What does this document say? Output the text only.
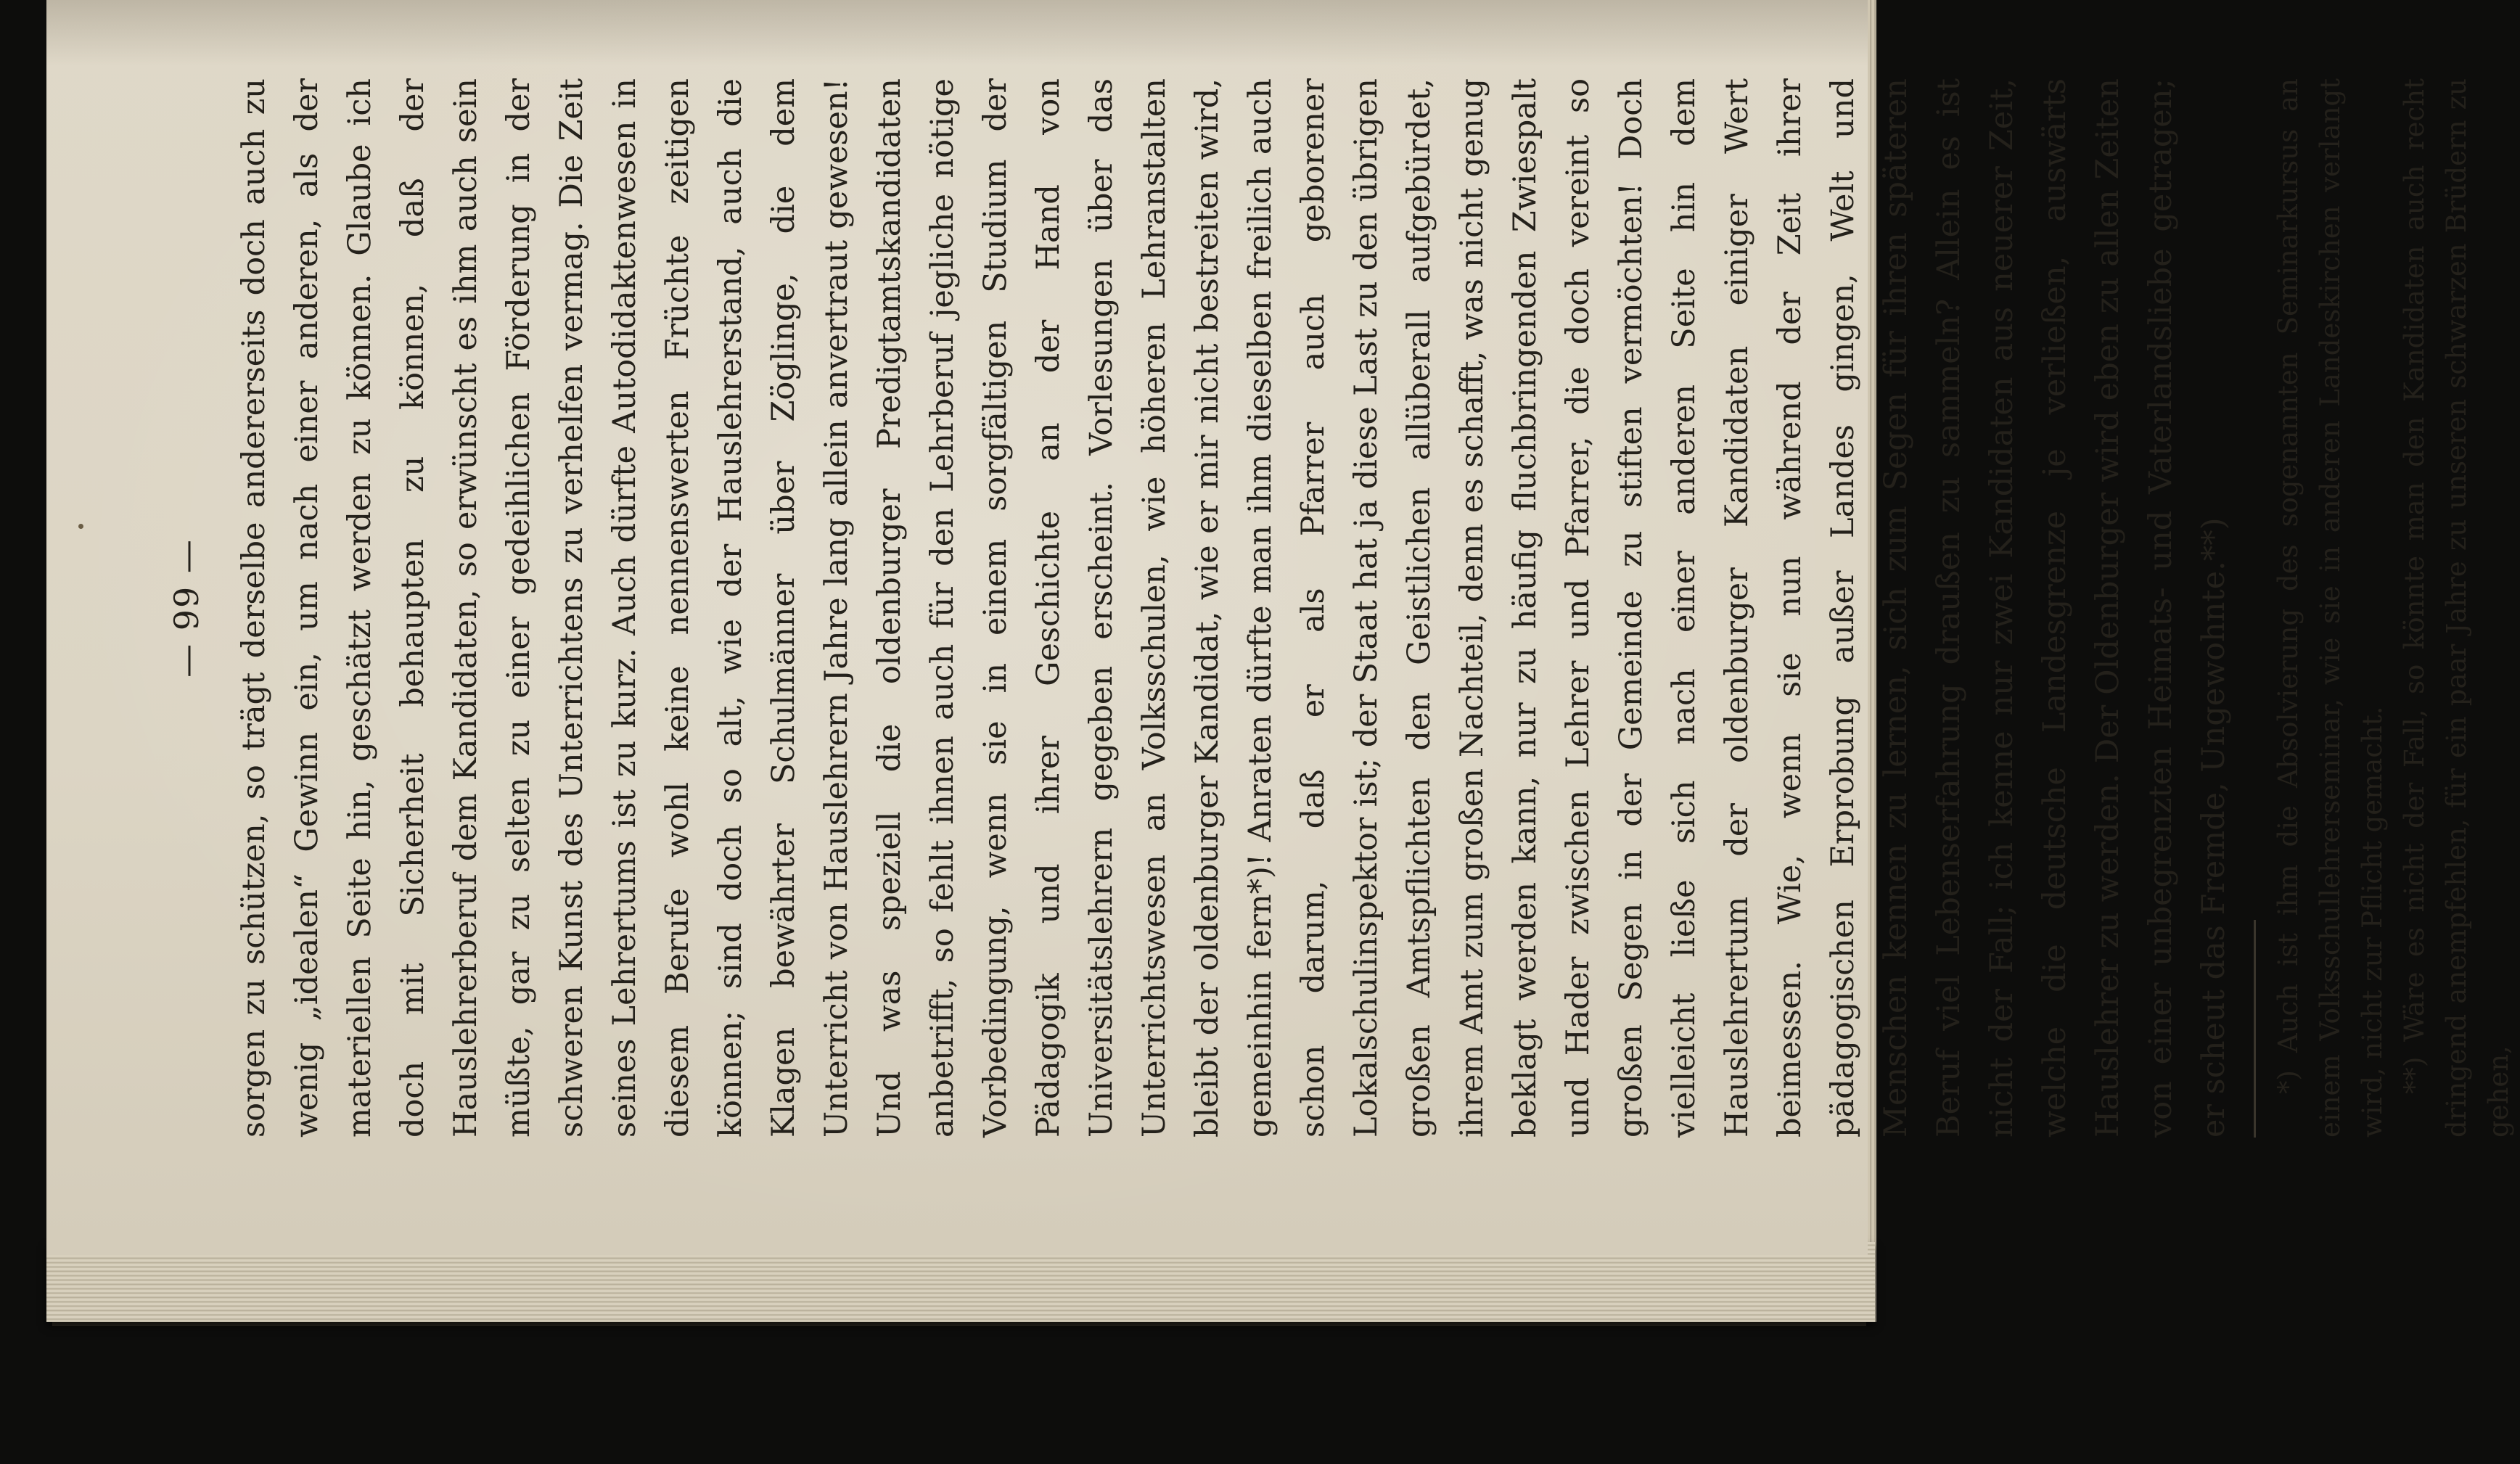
— 99 — sorgen zu schützen, so trägt derselbe andererseits doch auch zu wenig „idealen“ Gewinn ein, um nach einer anderen, als der materiellen Seite hin, geschätzt werden zu können. Glaube ich doch mit Sicherheit behaupten zu können, daß der Hauslehrerberuf dem Kandidaten, so erwünscht es ihm auch sein müßte, gar zu selten zu einer gedeihlichen Förderung in der schweren Kunst des Unterrichtens zu verhelfen vermag. Die Zeit seines Lehrertums ist zu kurz. Auch dürfte Autodidaktenwesen in diesem Berufe wohl keine nennenswerten Früchte zeitigen können; sind doch so alt, wie der Hauslehrerstand, auch die Klagen bewährter Schulmänner über Zöglinge, die dem Unterricht von Hauslehrern Jahre lang allein anvertraut gewesen! Und was speziell die oldenburger Predigtamtskandidaten anbetrifft, so fehlt ihnen auch für den Lehrberuf jegliche nötige Vorbedingung, wenn sie in einem sorgfältigen Studium der Pädagogik und ihrer Geschichte an der Hand von Universitätslehrern gegeben erscheint. Vorlesungen über das Unterrichtswesen an Volksschulen, wie höheren Lehranstalten bleibt der oldenburger Kandidat, wie er mir nicht bestreiten wird, gemeinhin fern*)! Anraten dürfte man ihm dieselben freilich auch schon darum, daß er als Pfarrer auch geborener Lokalschulinspektor ist; der Staat hat ja diese Last zu den übrigen großen Amtspflichten den Geistlichen allüberall aufgebürdet, ihrem Amt zum großen Nachteil, denn es schafft, was nicht genug beklagt werden kann, nur zu häufig fluchbringenden Zwiespalt und Hader zwischen Lehrer und Pfarrer, die doch vereint so großen Segen in der Gemeinde zu stiften vermöchten! Doch vielleicht ließe sich nach einer anderen Seite hin dem Hauslehrertum der oldenburger Kandidaten einiger Wert beimessen. Wie, wenn sie nun während der Zeit ihrer pädagogischen Erprobung außer Landes gingen, Welt und Menschen kennen zu lernen, sich zum Segen für ihren späteren Beruf viel Lebenserfahrung draußen zu sammeln? Allein es ist nicht der Fall; ich kenne nur zwei Kandidaten aus neuerer Zeit, welche die deutsche Landesgrenze je verließen, auswärts Hauslehrer zu werden. Der Oldenburger wird eben zu allen Zeiten von einer unbegrenzten Heimats- und Vaterlandsliebe getragen; er scheut das Fremde, Ungewohnte.**)	*) Auch ist ihm die Absolvierung des sogenannten Seminarkursus an einem Volksschullehrerseminar, wie sie in anderen Landeskirchen verlangt wird, nicht zur Pflicht gemacht. **) Wäre es nicht der Fall, so könnte man den Kandidaten auch recht dringend anempfehlen, für ein paar Jahre zu unseren schwarzen Brüdern zu gehen,
